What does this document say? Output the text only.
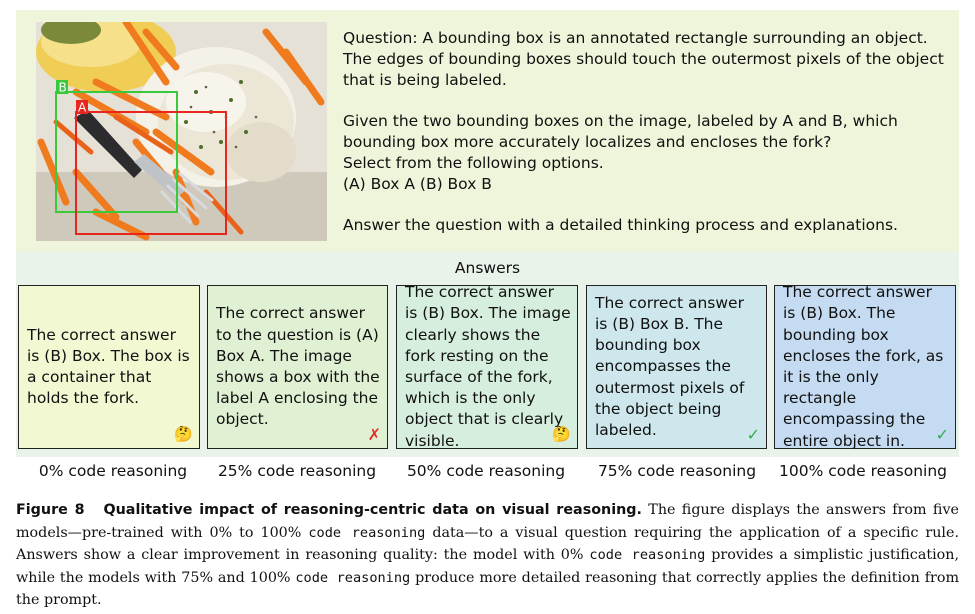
B
A

Question: A bounding box is an annotated rectangle surrounding an object. The edges of bounding boxes should touch the outermost pixels of the object that is being labeled.

Given the two bounding boxes on the image, labeled by A and B, which bounding box more accurately localizes and encloses the fork?

Select from the following options.

(A) Box A (B) Box B

Answer the question with a detailed thinking process and explanations.

Answers
The correct answer is (B) Box. The box is a container that holds the fork.
🤔
The correct answer to the question is (A) Box A. The image shows a box with the label A enclosing the object.
✗
The correct answer is (B) Box. The image clearly shows the fork resting on the surface of the fork, which is the only object that is clearly visible.	🤔
The correct answer is (B) Box B. The bounding box encompasses the outermost pixels of the object being labeled.	✓
The correct answer is (B) Box. The bounding box encloses the fork, as it is the only rectangle encompassing the entire object in.	✓
0% code reasoning	25% code reasoning	50% code reasoning	75% code reasoning	100% code reasoning
Figure 8 Qualitative impact of reasoning-centric data on visual reasoning. The figure displays the answers from five models—pre-trained with 0% to 100% code reasoning data—to a visual question requiring the application of a specific rule. Answers show a clear improvement in reasoning quality: the model with 0% code reasoning provides a simplistic justification, while the models with 75% and 100% code reasoning produce more detailed reasoning that correctly applies the definition from the prompt.
